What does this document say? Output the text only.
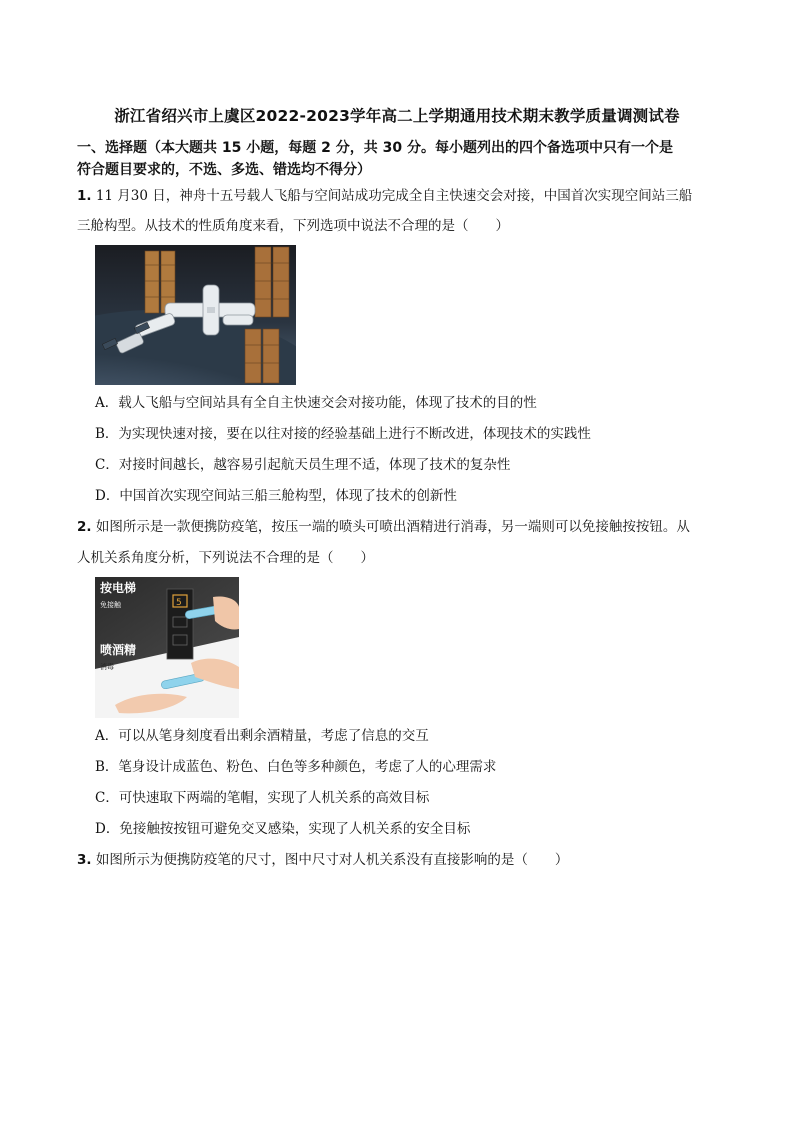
浙江省绍兴市上虞区2022-2023学年高二上学期通用技术期末教学质量调测试卷
一、选择题（本大题共 15 小题，每题 2 分，共 30 分。每小题列出的四个备选项中只有一个是
符合题目要求的，不选、多选、错选均不得分）
1. 11 月30 日，神舟十五号载人飞船与空间站成功完成全自主快速交会对接，中国首次实现空间站三船
三舱构型。从技术的性质角度来看，下列选项中说法不合理的是（　　）
A．载人飞船与空间站具有全自主快速交会对接功能，体现了技术的目的性
B．为实现快速对接，要在以往对接的经验基础上进行不断改进，体现技术的实践性
C．对接时间越长，越容易引起航天员生理不适，体现了技术的复杂性
D．中国首次实现空间站三船三舱构型，体现了技术的创新性
2. 如图所示是一款便携防疫笔，按压一端的喷头可喷出酒精进行消毒，另一端则可以免接触按按钮。从
人机关系角度分析，下列说法不合理的是（　　）
按电梯
免接触	5
喷酒精
消毒
A．可以从笔身刻度看出剩余酒精量，考虑了信息的交互
B．笔身设计成蓝色、粉色、白色等多种颜色，考虑了人的心理需求
C．可快速取下两端的笔帽，实现了人机关系的高效目标
D．免接触按按钮可避免交叉感染，实现了人机关系的安全目标
3. 如图所示为便携防疫笔的尺寸，图中尺寸对人机关系没有直接影响的是（　　）
